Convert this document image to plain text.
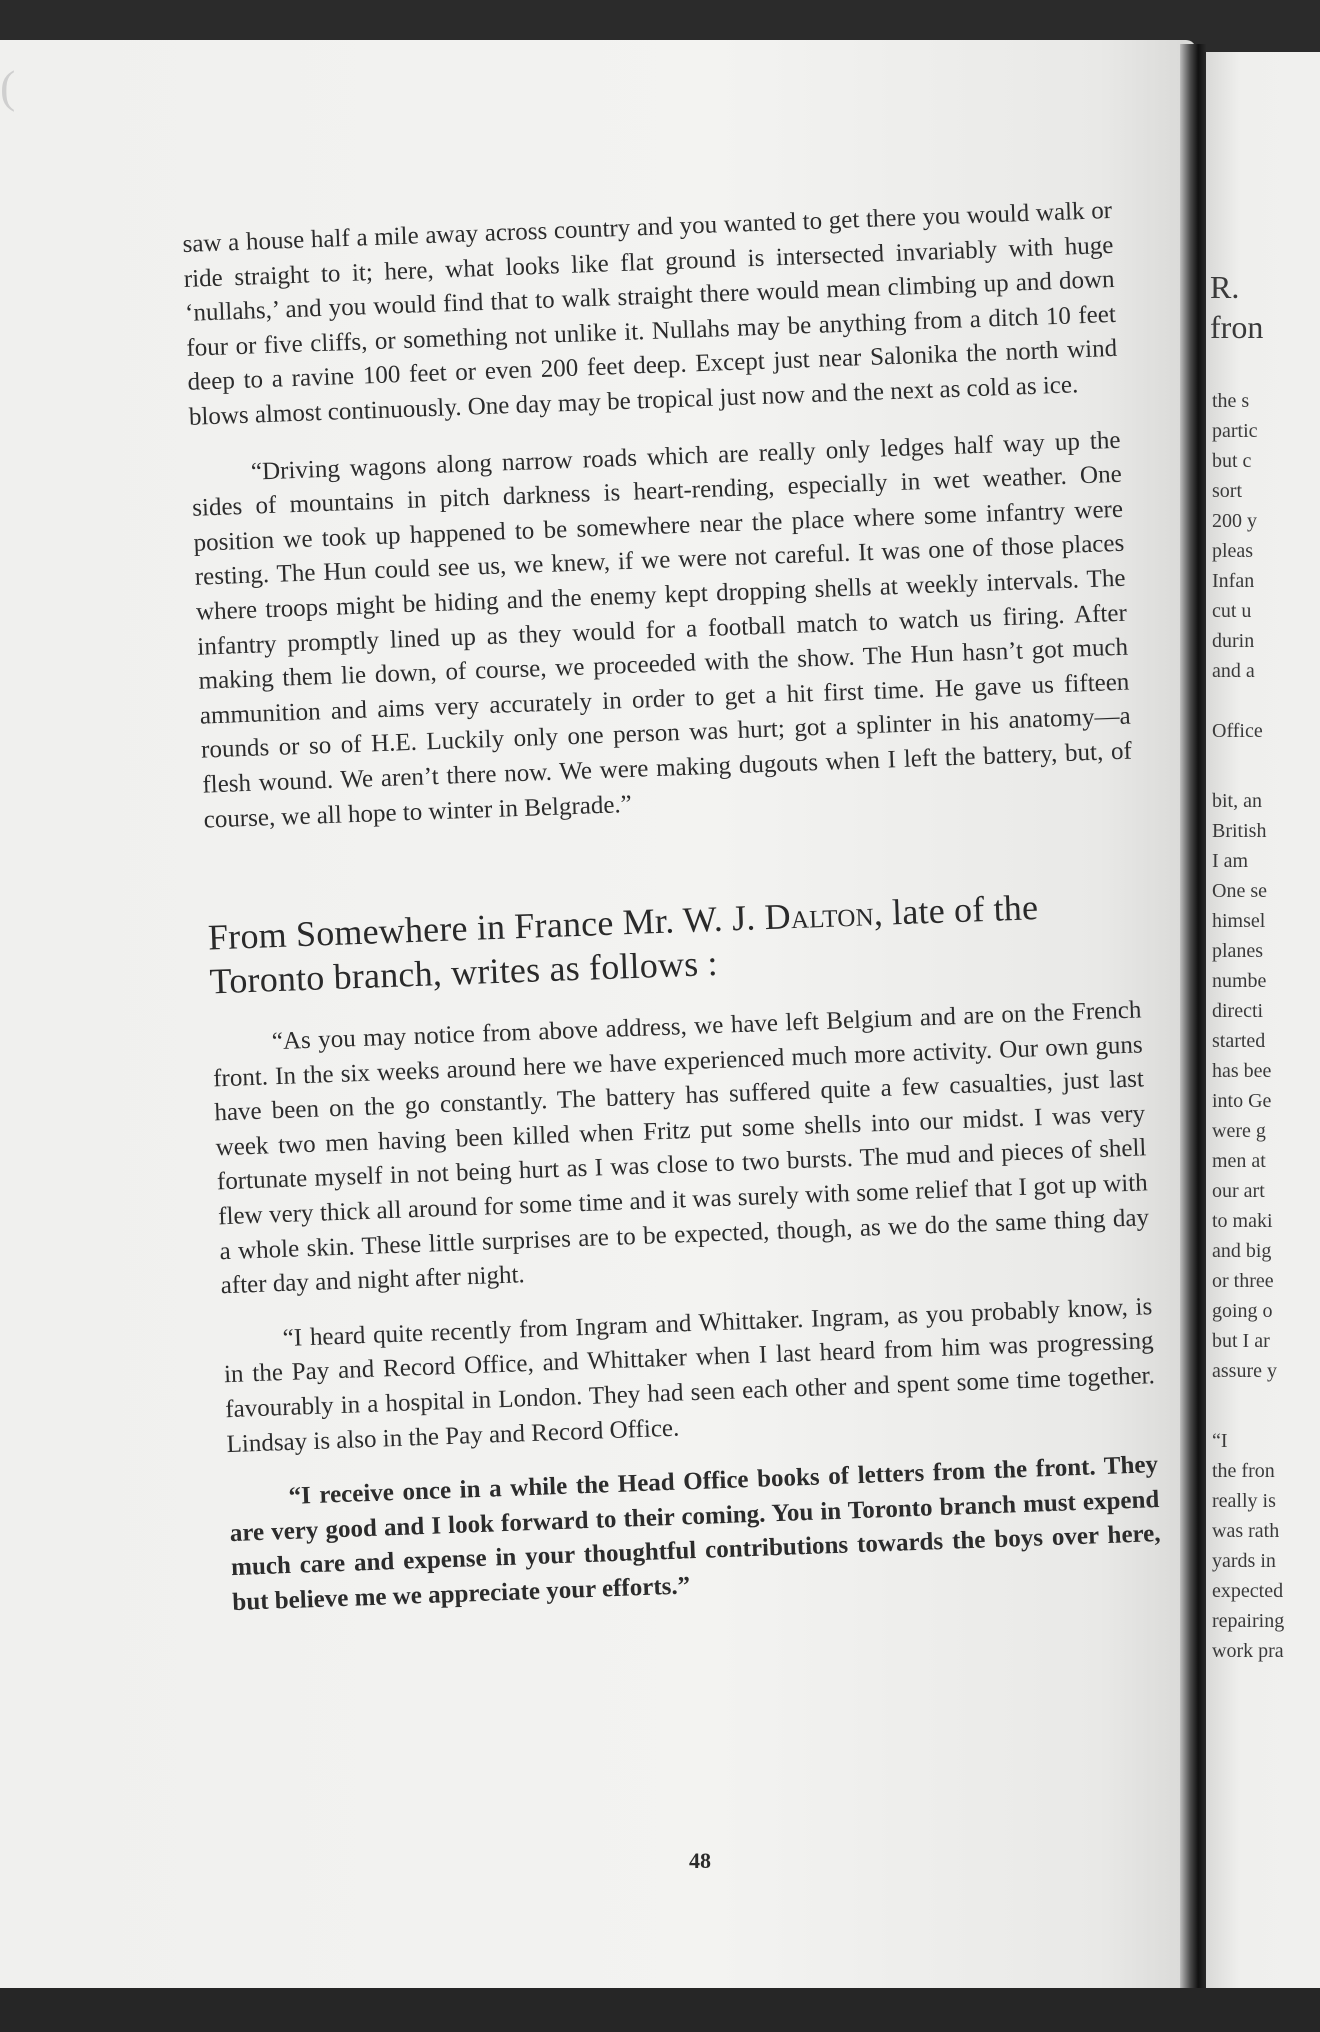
(
R.
fron
the s
partic
but c
sort
200 y
pleas
Infan
cut u
durin
and a
Office
bit, an
British
I am
One se
himsel
planes
numbe
directi
started
has bee
into Ge
were g
men at
our art
to maki
and big
or three
going o
but I ar
assure y
“I
the fron
really is
was rath
yards in
expected
repairing
work pra

saw a house half a mile away across country and you wanted to get there you would walk or ride straight to it; here, what looks like flat ground is intersected invariably with huge ‘nullahs,’ and you would find that to walk straight there would mean climbing up and down four or five cliffs, or something not unlike it. Nullahs may be anything from a ditch 10 feet deep to a ravine 100 feet or even 200 feet deep. Except just near Salonika the north wind blows almost continuously. One day may be tropical just now and the next as cold as ice.

“Driving wagons along narrow roads which are really only ledges half way up the sides of mountains in pitch darkness is heart-rending, especially in wet weather. One position we took up happened to be somewhere near the place where some infantry were resting. The Hun could see us, we knew, if we were not careful. It was one of those places where troops might be hiding and the enemy kept dropping shells at weekly intervals. The infantry promptly lined up as they would for a football match to watch us firing. After making them lie down, of course, we proceeded with the show. The Hun hasn’t got much ammunition and aims very accurately in order to get a hit first time. He gave us fifteen rounds or so of H.E. Luckily only one person was hurt; got a splinter in his anatomy—a flesh wound. We aren’t there now. We were making dugouts when I left the battery, but, of course, we all hope to winter in Belgrade.”

From Somewhere in France Mr. W. J. Dalton, late of the Toronto branch, writes as follows :

“As you may notice from above address, we have left Belgium and are on the French front. In the six weeks around here we have experienced much more activity. Our own guns have been on the go constantly. The battery has suffered quite a few casualties, just last week two men having been killed when Fritz put some shells into our midst. I was very fortunate myself in not being hurt as I was close to two bursts. The mud and pieces of shell flew very thick all around for some time and it was surely with some relief that I got up with a whole skin. These little surprises are to be expected, though, as we do the same thing day after day and night after night.

“I heard quite recently from Ingram and Whittaker. Ingram, as you probably know, is in the Pay and Record Office, and Whittaker when I last heard from him was progressing favourably in a hospital in London. They had seen each other and spent some time together. Lindsay is also in the Pay and Record Office.

“I receive once in a while the Head Office books of letters from the front. They are very good and I look forward to their coming. You in Toronto branch must expend much care and expense in your thoughtful contributions towards the boys over here, but believe me we appreciate your efforts.”

48
